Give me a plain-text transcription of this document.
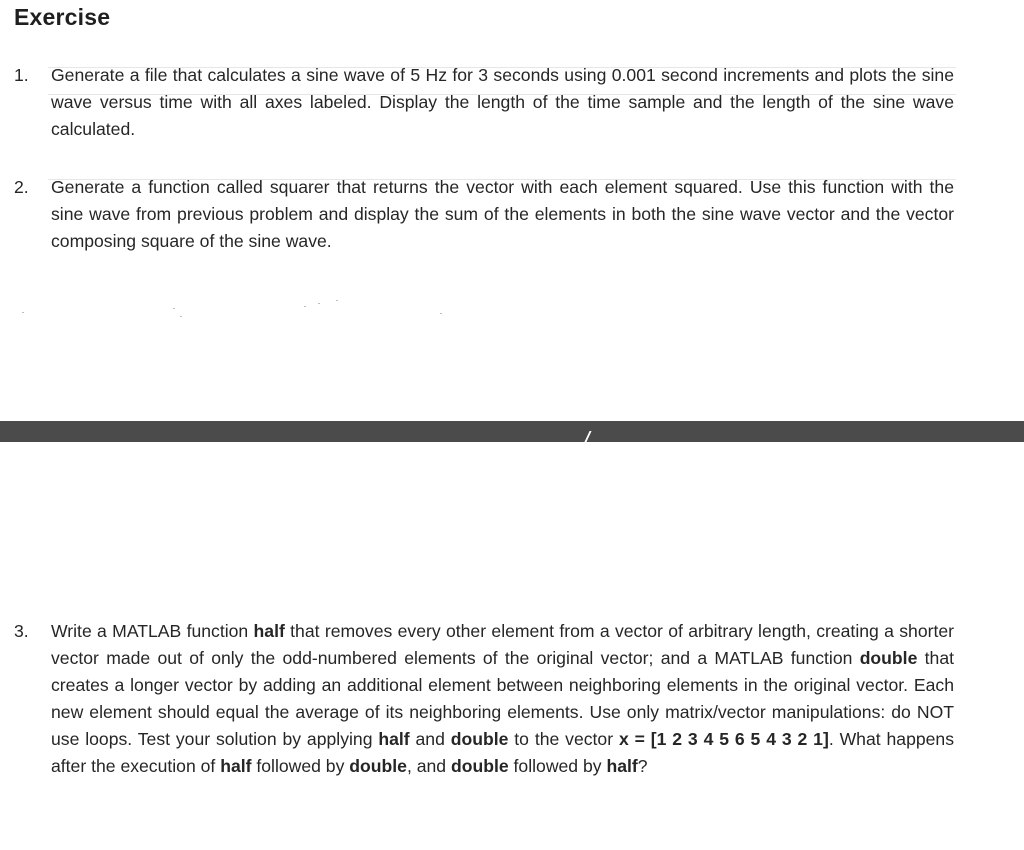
Exercise
1.	Generate a file that calculates a sine wave of 5 Hz for 3 seconds using 0.001 second increments and plots the sine wave versus time with all axes labeled. Display the length of the time sample and the length of the sine wave calculated.
2.	Generate a function called squarer that returns the vector with each element squared. Use this function with the sine wave from previous problem and display the sum of the elements in both the sine wave vector and the vector composing square of the sine wave.
3.	Write a MATLAB function half that removes every other element from a vector of arbitrary length, creating a shorter vector made out of only the odd-numbered elements of the original vector; and a MATLAB function double that creates a longer vector by adding an additional element between neighboring elements in the original vector. Each new element should equal the average of its neighboring elements. Use only matrix/vector manipulations: do NOT use loops. Test your solution by applying half and double to the vector x = [1 2 3 4 5 6 5 4 3 2 1]. What happens after the execution of half followed by double, and double followed by half?
